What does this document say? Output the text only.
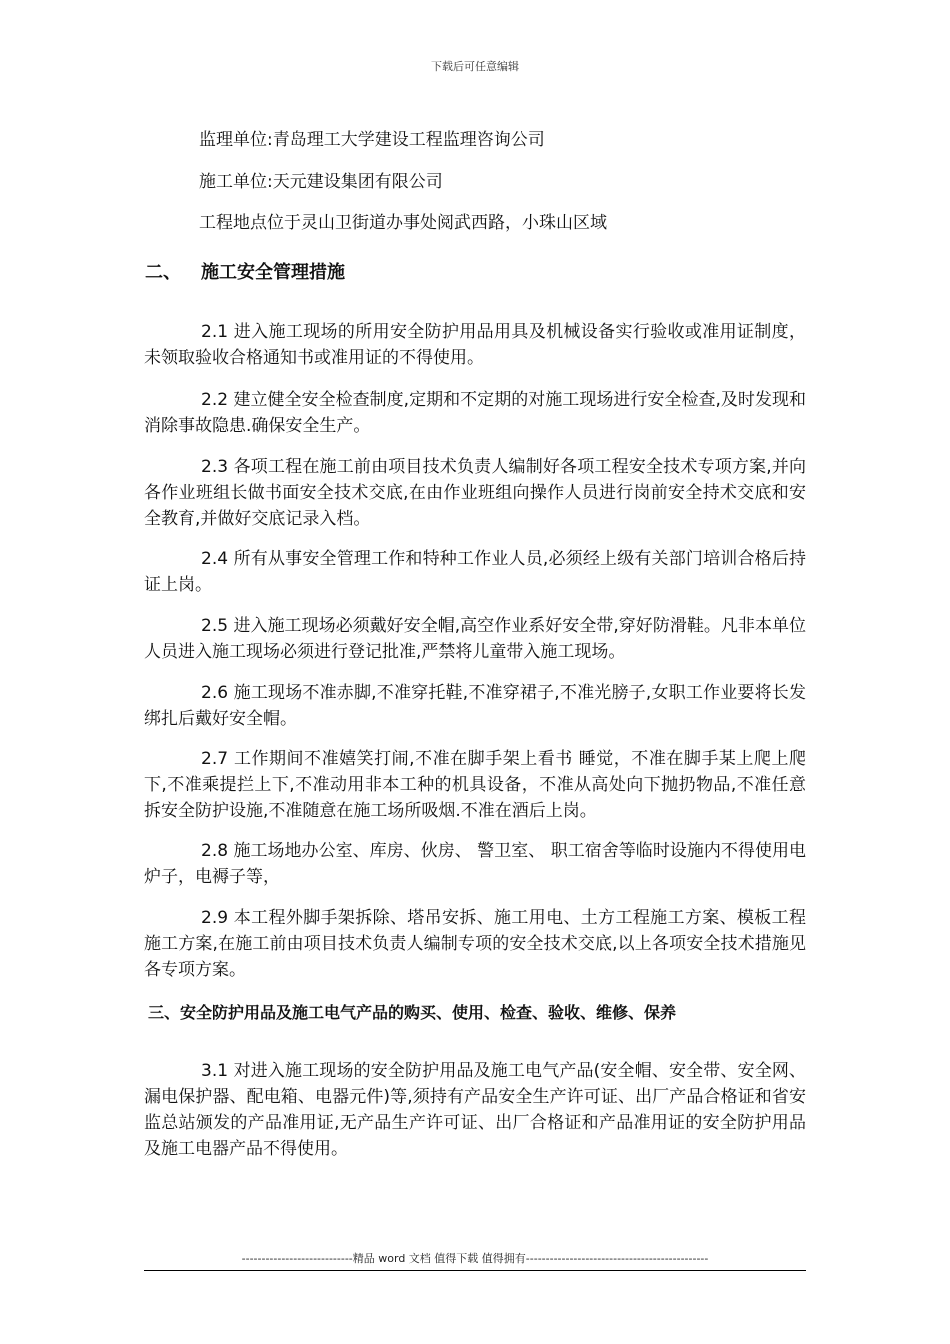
下载后可任意编辑
监理单位:青岛理工大学建设工程监理咨询公司
施工单位:天元建设集团有限公司
工程地点位于灵山卫街道办事处阅武西路，小珠山区域
二、 施工安全管理措施
2.1 进入施工现场的所用安全防护用品用具及机械设备实行验收或准用证制度，未领取验收合格通知书或准用证的不得使用。
2.2 建立健全安全检查制度,定期和不定期的对施工现场进行安全检查,及时发现和消除事故隐患.确保安全生产。
2.3 各项工程在施工前由项目技术负责人编制好各项工程安全技术专项方案,并向各作业班组长做书面安全技术交底,在由作业班组向操作人员进行岗前安全持术交底和安全教育,并做好交底记录入档。
2.4 所有从事安全管理工作和特种工作业人员,必须经上级有关部门培训合格后持证上岗。
2.5 进入施工现场必须戴好安全帽,高空作业系好安全带,穿好防滑鞋。凡非本单位人员进入施工现场必须进行登记批准,严禁将儿童带入施工现场。
2.6 施工现场不准赤脚,不准穿托鞋,不准穿裙子,不准光膀子,女职工作业要将长发绑扎后戴好安全帽。
2.7 工作期间不准嬉笑打闹,不准在脚手架上看书 睡觉，不准在脚手某上爬上爬下,不准乘提拦上下,不准动用非本工种的机具设备，不准从高处向下抛扔物品,不准任意拆安全防护设施,不准随意在施工场所吸烟.不准在酒后上岗。
2.8 施工场地办公室、库房、伙房、 警卫室、 职工宿舍等临时设施内不得使用电炉子，电褥子等，
2.9 本工程外脚手架拆除、塔吊安拆、施工用电、土方工程施工方案、模板工程施工方案,在施工前由项目技术负责人编制专项的安全技术交底,以上各项安全技术措施见各专项方案。
三、安全防护用品及施工电气产品的购买、使用、检查、验收、维修、保养
3.1 对进入施工现场的安全防护用品及施工电气产品(安全帽、安全带、安全网、漏电保护器、配电箱、电器元件)等,须持有产品安全生产许可证、出厂产品合格证和省安监总站颁发的产品准用证,无产品生产许可证、出厂合格证和产品准用证的安全防护用品及施工电器产品不得使用。
----------------------------精品 word 文档 值得下载 值得拥有----------------------------------------------
